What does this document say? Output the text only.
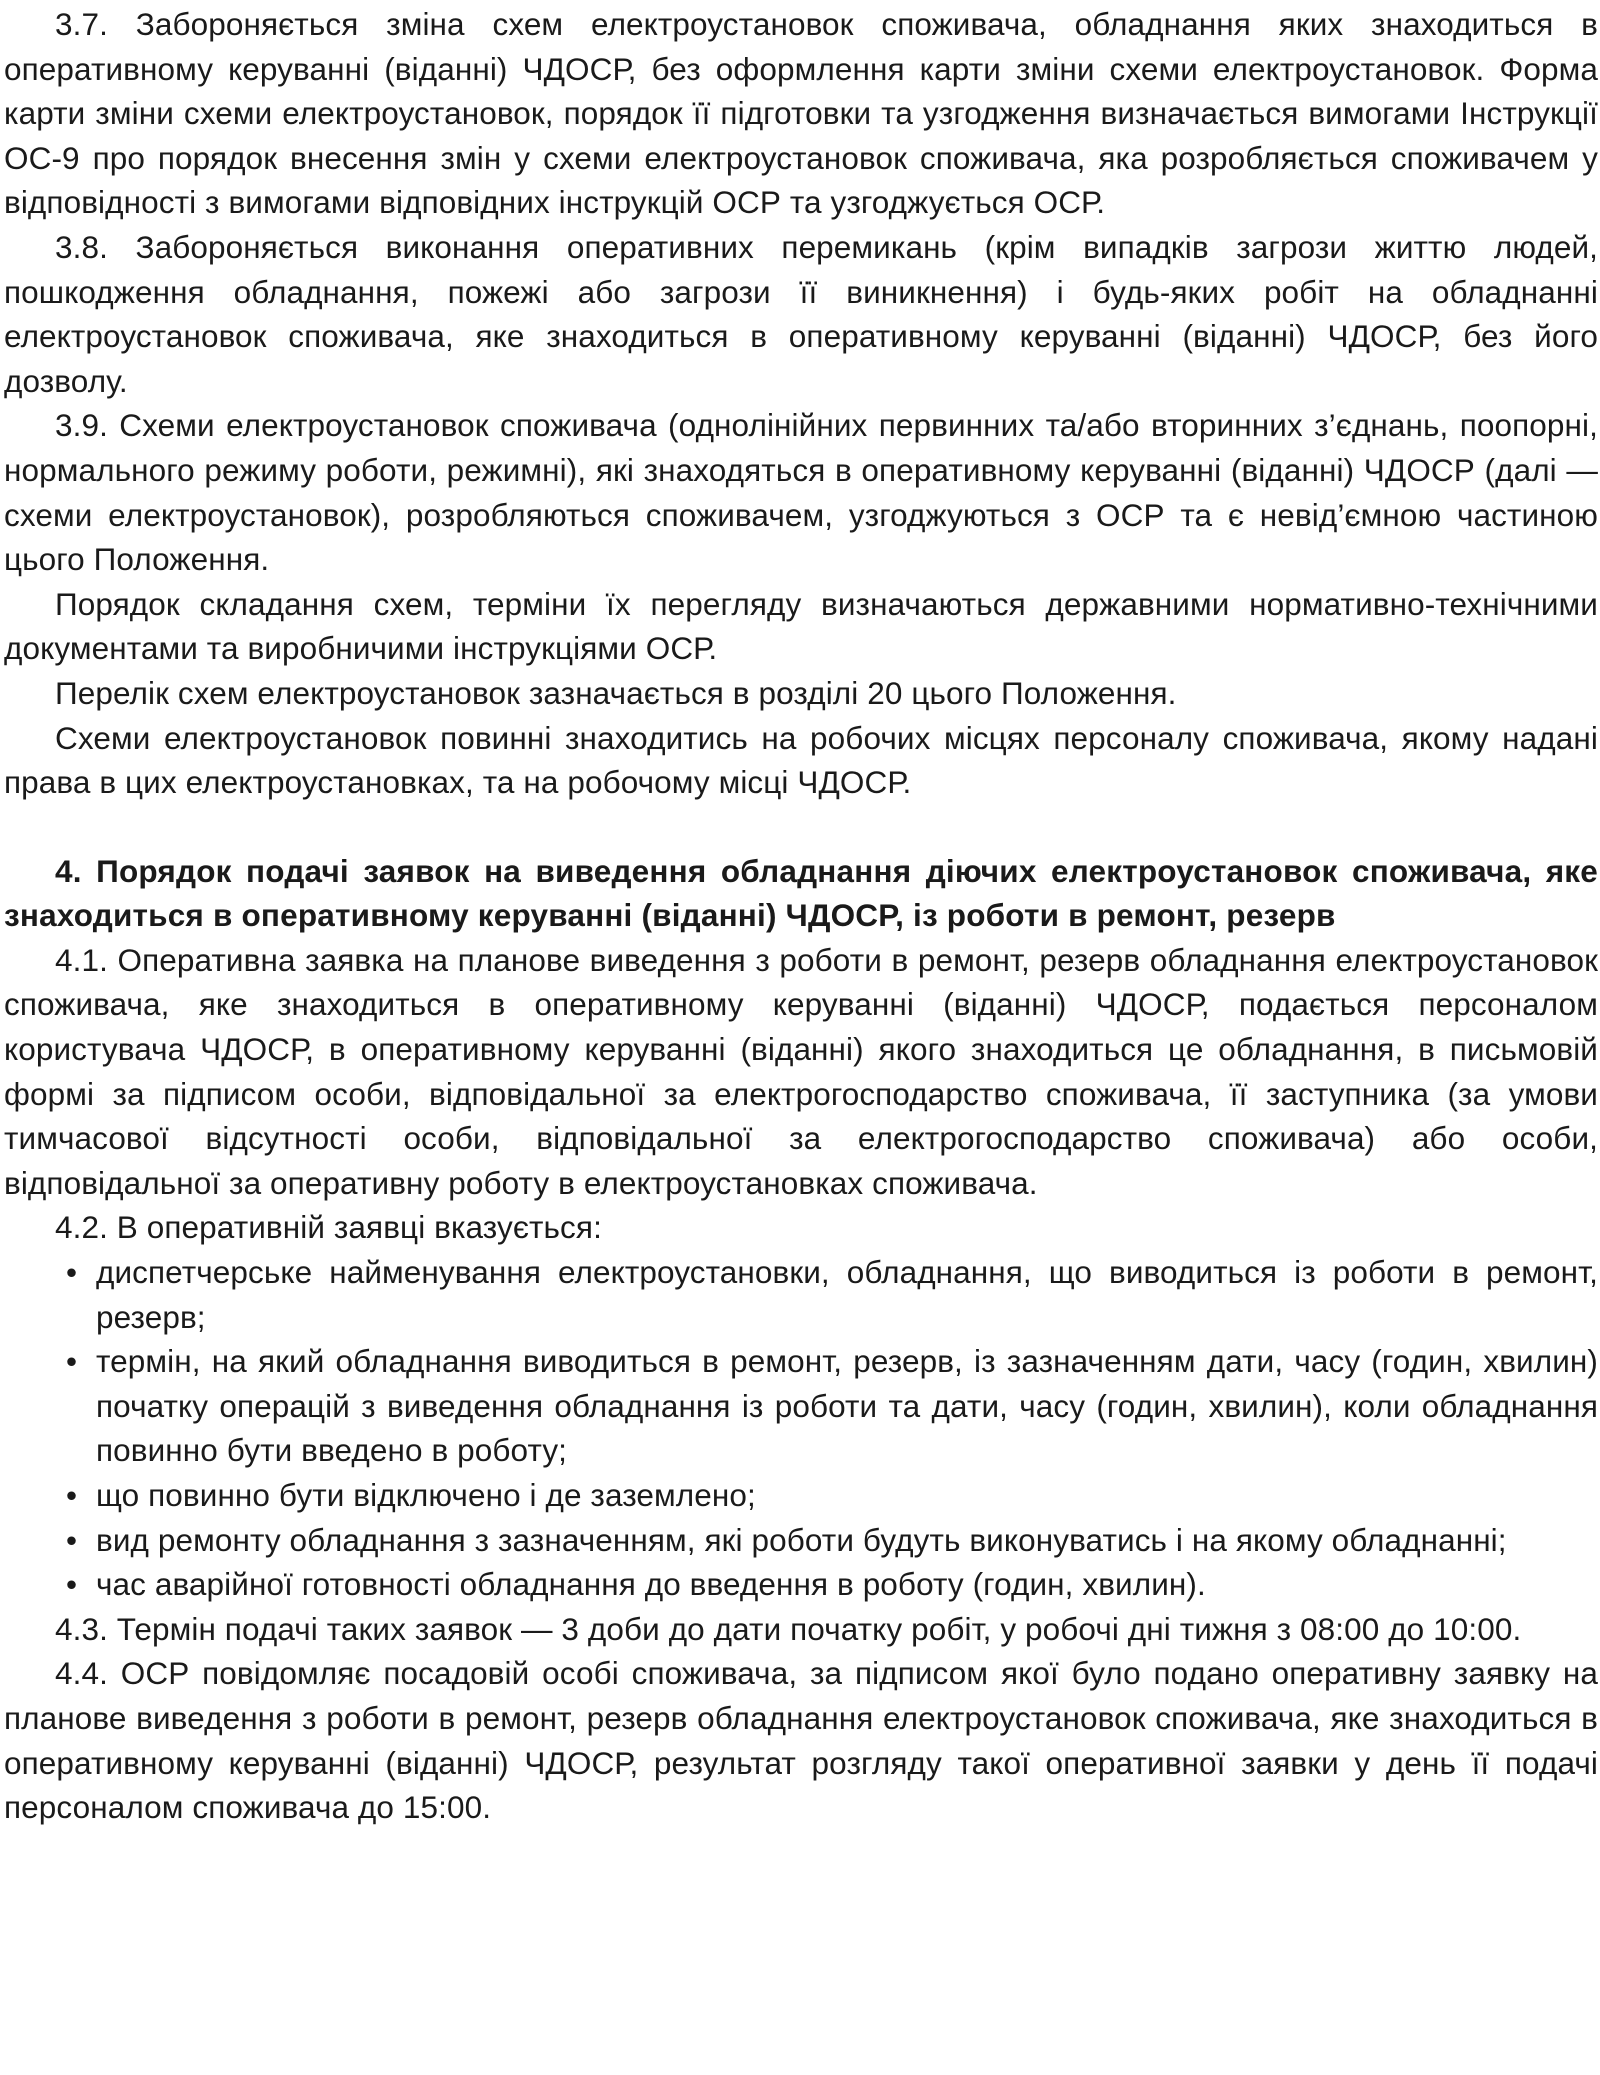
3.7. Забороняється зміна схем електроустановок споживача, обладнання яких знаходиться в оперативному керуванні (віданні) ЧДОСР, без оформлення карти зміни схеми електроустановок. Форма карти зміни схеми електроустановок, порядок її підготовки та узгодження визначається вимогами Інструкції ОС-9 про порядок внесення змін у схеми електроустановок споживача, яка розробляється споживачем у відповідності з вимогами відповідних інструкцій ОСР та узгоджується ОСР.

3.8. Забороняється виконання оперативних перемикань (крім випадків загрози життю людей, пошкодження обладнання, пожежі або загрози її виникнення) і будь-яких робіт на обладнанні електроустановок споживача, яке знаходиться в оперативному керуванні (віданні) ЧДОСР, без його дозволу.

3.9. Схеми електроустановок споживача (однолінійних первинних та/або вторинних з’єднань, поопорні, нормального режиму роботи, режимні), які знаходяться в оперативному керуванні (віданні) ЧДОСР (далі — схеми електроустановок), розробляються споживачем, узгоджуються з ОСР та є невід’ємною частиною цього Положення.

Порядок складання схем, терміни їх перегляду визначаються державними нормативно-технічними документами та виробничими інструкціями ОСР.

Перелік схем електроустановок зазначається в розділі 20 цього Положення.

Схеми електроустановок повинні знаходитись на робочих місцях персоналу споживача, якому надані права в цих електроустановках, та на робочому місці ЧДОСР.

4. Порядок подачі заявок на виведення обладнання діючих електроустановок споживача, яке знаходиться в оперативному керуванні (віданні) ЧДОСР, із роботи в ремонт, резерв

4.1. Оперативна заявка на планове виведення з роботи в ремонт, резерв обладнання електроустановок споживача, яке знаходиться в оперативному керуванні (віданні) ЧДОСР, подається персоналом користувача ЧДОСР, в оперативному керуванні (віданні) якого знаходиться це обладнання, в письмовій формі за підписом особи, відповідальної за електрогосподарство споживача, її заступника (за умови тимчасової відсутності особи, відповідальної за електрогосподарство споживача) або особи, відповідальної за оперативну роботу в електроустановках споживача.

4.2. В оперативній заявці вказується:

• диспетчерське найменування електроустановки, обладнання, що виводиться із роботи в ремонт, резерв;
• термін, на який обладнання виводиться в ремонт, резерв, із зазначенням дати, часу (годин, хвилин) початку операцій з виведення обладнання із роботи та дати, часу (годин, хвилин), коли обладнання повинно бути введено в роботу;
• що повинно бути відключено і де заземлено;
• вид ремонту обладнання з зазначенням, які роботи будуть виконуватись і на якому обладнанні;
• час аварійної готовності обладнання до введення в роботу (годин, хвилин).

4.3. Термін подачі таких заявок — 3 доби до дати початку робіт, у робочі дні тижня з 08:00 до 10:00.

4.4. ОСР повідомляє посадовій особі споживача, за підписом якої було подано оперативну заявку на планове виведення з роботи в ремонт, резерв обладнання електроустановок споживача, яке знаходиться в оперативному керуванні (віданні) ЧДОСР, результат розгляду такої оперативної заявки у день її подачі персоналом споживача до 15:00.
